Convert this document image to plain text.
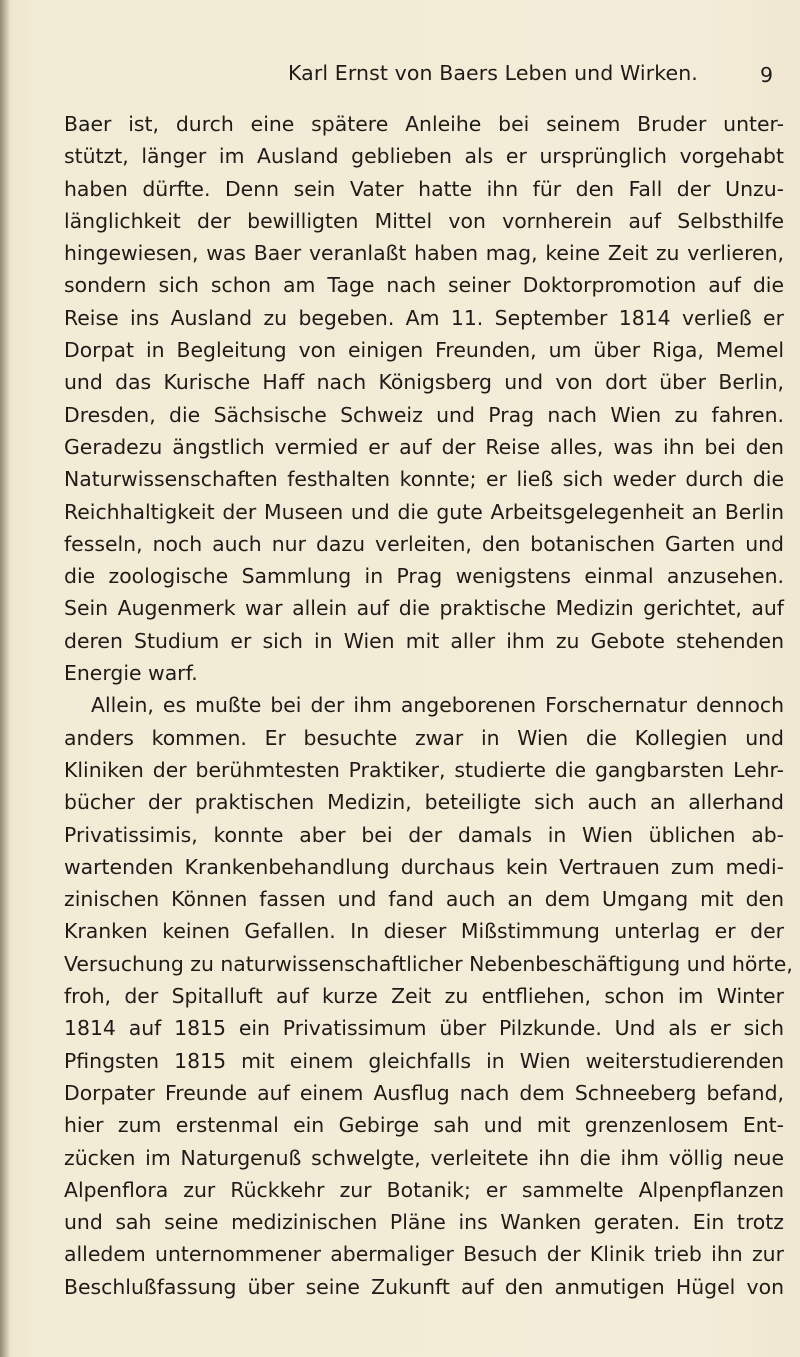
Karl Ernst von Baers Leben und Wirken.	9
Baer ist, durch eine spätere Anleihe bei seinem Bruder unter-
stützt, länger im Ausland geblieben als er ursprünglich vorgehabt
haben dürfte. Denn sein Vater hatte ihn für den Fall der Unzu-
länglichkeit der bewilligten Mittel von vornherein auf Selbsthilfe
hingewiesen, was Baer veranlaßt haben mag, keine Zeit zu verlieren,
sondern sich schon am Tage nach seiner Doktorpromotion auf die
Reise ins Ausland zu begeben. Am 11. September 1814 verließ er
Dorpat in Begleitung von einigen Freunden, um über Riga, Memel
und das Kurische Haff nach Königsberg und von dort über Berlin,
Dresden, die Sächsische Schweiz und Prag nach Wien zu fahren.
Geradezu ängstlich vermied er auf der Reise alles, was ihn bei den
Naturwissenschaften festhalten konnte; er ließ sich weder durch die
Reichhaltigkeit der Museen und die gute Arbeitsgelegenheit an Berlin
fesseln, noch auch nur dazu verleiten, den botanischen Garten und
die zoologische Sammlung in Prag wenigstens einmal anzusehen.
Sein Augenmerk war allein auf die praktische Medizin gerichtet, auf
deren Studium er sich in Wien mit aller ihm zu Gebote stehenden
Energie warf.
Allein, es mußte bei der ihm angeborenen Forschernatur dennoch
anders kommen. Er besuchte zwar in Wien die Kollegien und
Kliniken der berühmtesten Praktiker, studierte die gangbarsten Lehr-
bücher der praktischen Medizin, beteiligte sich auch an allerhand
Privatissimis, konnte aber bei der damals in Wien üblichen ab-
wartenden Krankenbehandlung durchaus kein Vertrauen zum medi-
zinischen Können fassen und fand auch an dem Umgang mit den
Kranken keinen Gefallen. In dieser Mißstimmung unterlag er der
Versuchung zu naturwissenschaftlicher Nebenbeschäftigung und hörte,
froh, der Spitalluft auf kurze Zeit zu entfliehen, schon im Winter
1814 auf 1815 ein Privatissimum über Pilzkunde. Und als er sich
Pfingsten 1815 mit einem gleichfalls in Wien weiterstudierenden
Dorpater Freunde auf einem Ausflug nach dem Schneeberg befand,
hier zum erstenmal ein Gebirge sah und mit grenzenlosem Ent-
zücken im Naturgenuß schwelgte, verleitete ihn die ihm völlig neue
Alpenflora zur Rückkehr zur Botanik; er sammelte Alpenpflanzen
und sah seine medizinischen Pläne ins Wanken geraten. Ein trotz
alledem unternommener abermaliger Besuch der Klinik trieb ihn zur
Beschlußfassung über seine Zukunft auf den anmutigen Hügel von
